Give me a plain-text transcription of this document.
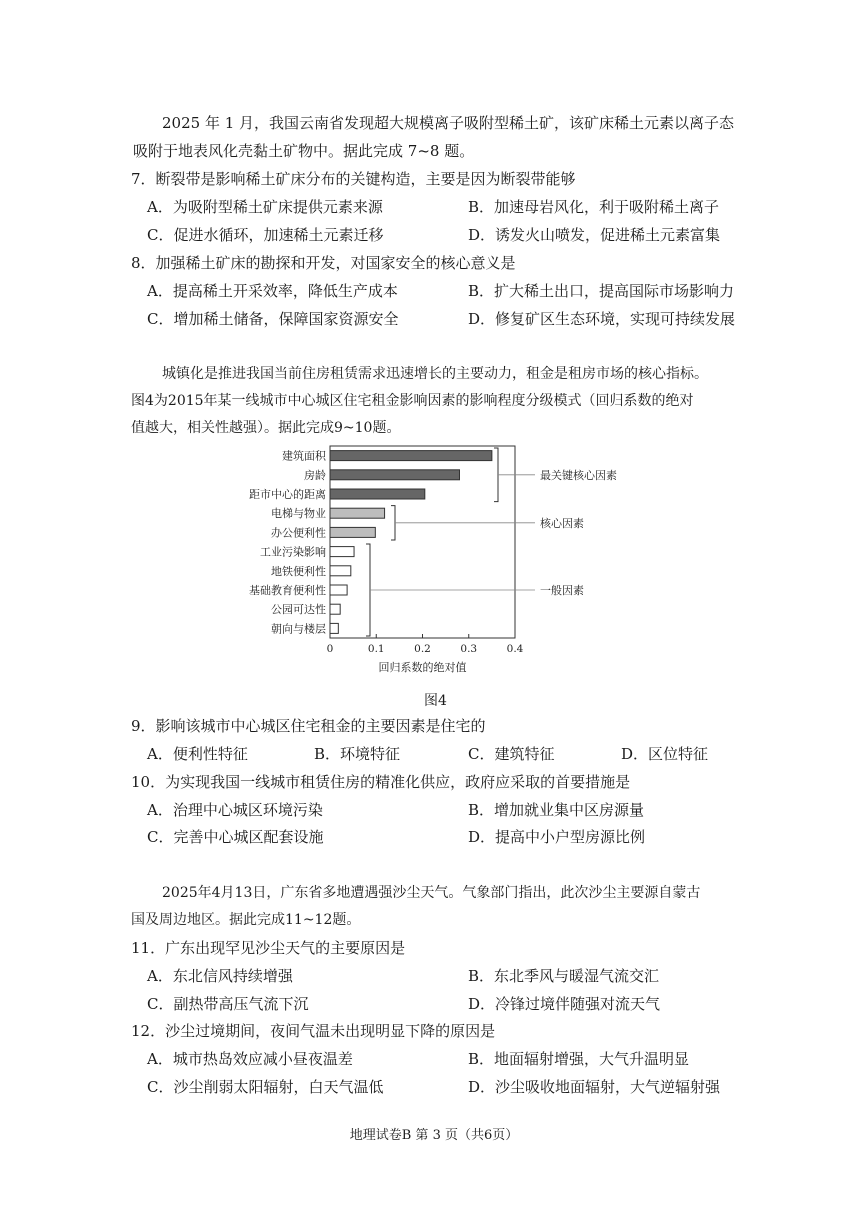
2025 年 1 月，我国云南省发现超大规模离子吸附型稀土矿，该矿床稀土元素以离子态
吸附于地表风化壳黏土矿物中。据此完成 7~8 题。
7．断裂带是影响稀土矿床分布的关键构造，主要是因为断裂带能够
A．为吸附型稀土矿床提供元素来源	B．加速母岩风化，利于吸附稀土离子
C．促进水循环，加速稀土元素迁移	D．诱发火山喷发，促进稀土元素富集
8．加强稀土矿床的勘探和开发，对国家安全的核心意义是
A．提高稀土开采效率，降低生产成本	B．扩大稀土出口，提高国际市场影响力
C．增加稀土储备，保障国家资源安全	D．修复矿区生态环境，实现可持续发展
城镇化是推进我国当前住房租赁需求迅速增长的主要动力，租金是租房市场的核心指标。
图4为2015年某一线城市中心城区住宅租金影响因素的影响程度分级模式（回归系数的绝对
值越大，相关性越强）。据此完成9~10题。
建筑面积
房龄
距市中心的距离
电梯与物业
办公便利性
工业污染影响
地铁便利性
基础教育便利性
公园可达性
朝向与楼层
0	0.1	0.2	0.3	0.4
回归系数的绝对值
最关键核心因素
核心因素
一般因素
图4
9．影响该城市中心城区住宅租金的主要因素是住宅的
A．便利性特征	B．环境特征	C．建筑特征	D．区位特征
10．为实现我国一线城市租赁住房的精准化供应，政府应采取的首要措施是
A．治理中心城区环境污染	B．增加就业集中区房源量
C．完善中心城区配套设施	D．提高中小户型房源比例
2025年4月13日，广东省多地遭遇强沙尘天气。气象部门指出，此次沙尘主要源自蒙古
国及周边地区。据此完成11~12题。
11．广东出现罕见沙尘天气的主要原因是
A．东北信风持续增强	B．东北季风与暖湿气流交汇
C．副热带高压气流下沉	D．冷锋过境伴随强对流天气
12．沙尘过境期间，夜间气温未出现明显下降的原因是
A．城市热岛效应减小昼夜温差	B．地面辐射增强，大气升温明显
C．沙尘削弱太阳辐射，白天气温低	D．沙尘吸收地面辐射，大气逆辐射强
地理试卷B 第 3 页（共6页）
